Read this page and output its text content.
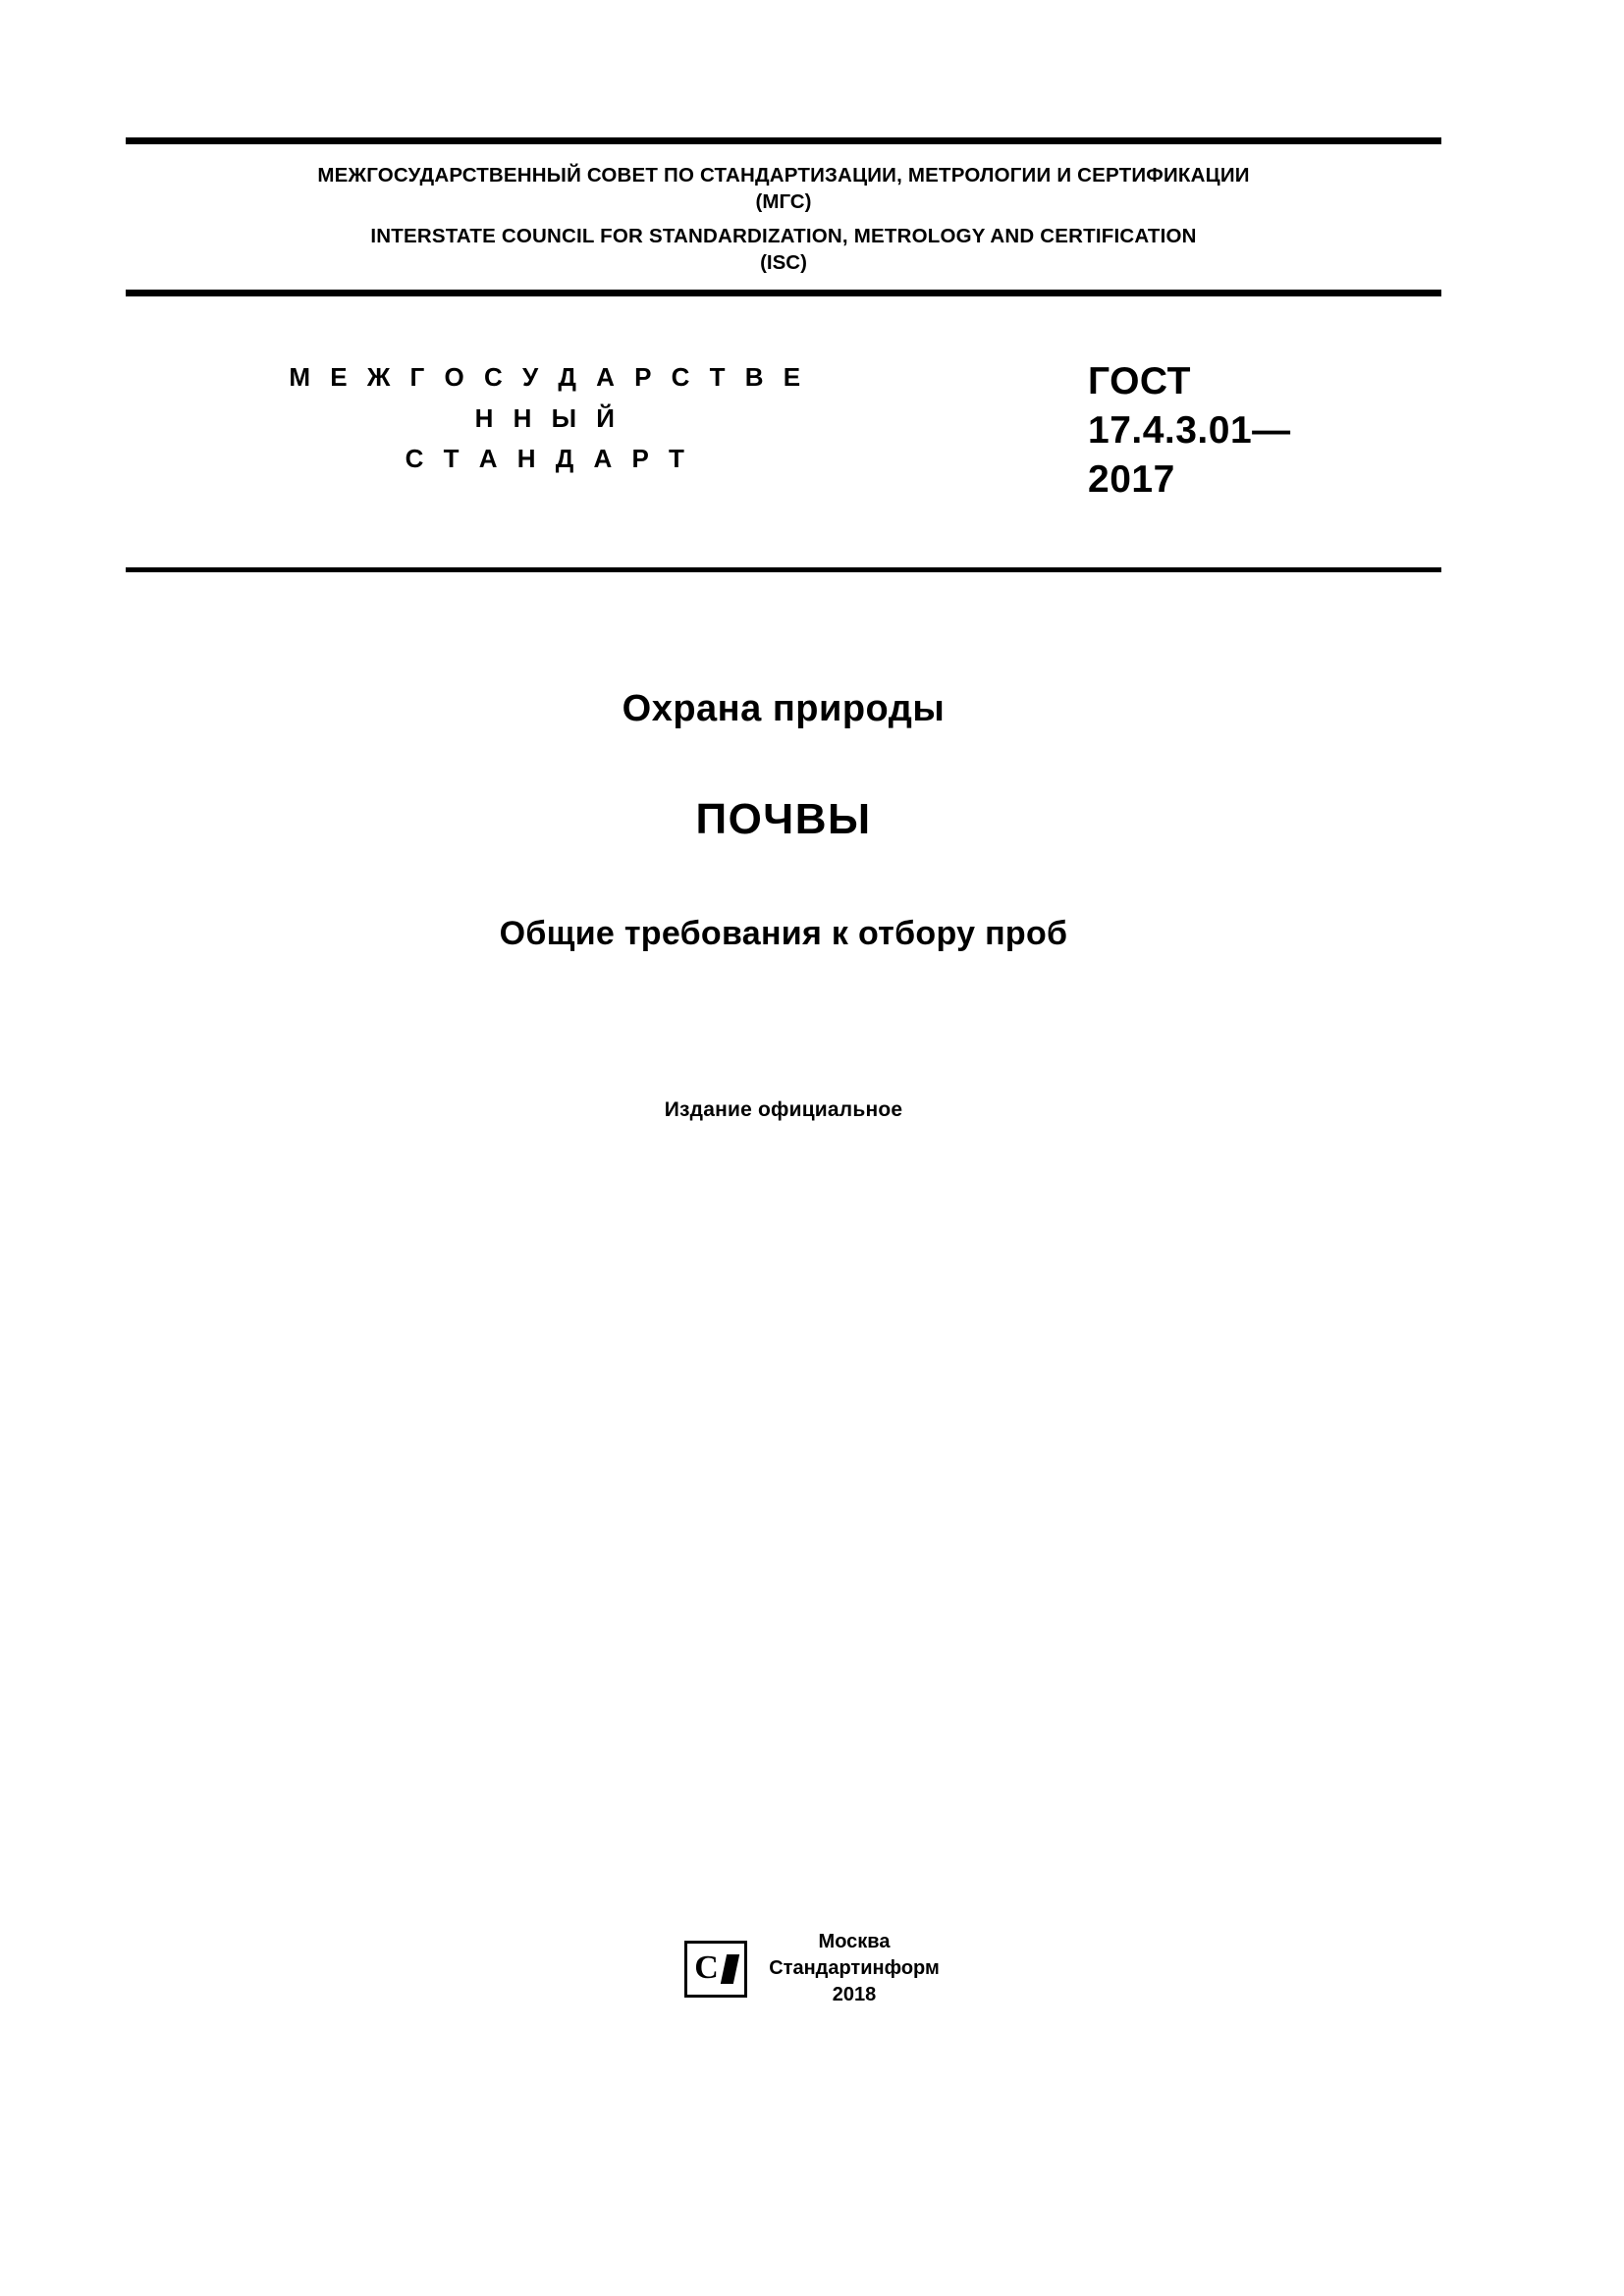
МЕЖГОСУДАРСТВЕННЫЙ СОВЕТ ПО СТАНДАРТИЗАЦИИ, МЕТРОЛОГИИ И СЕРТИФИКАЦИИ
(МГС)
INTERSTATE COUNCIL FOR STANDARDIZATION, METROLOGY AND CERTIFICATION
(ISC)
М Е Ж Г О С У Д А Р С Т В Е Н Н Ы Й
С Т А Н Д А Р Т
ГОСТ
17.4.3.01—
2017
Охрана природы
ПОЧВЫ
Общие требования к отбору проб
Издание официальное
С
Москва
Стандартинформ
2018
